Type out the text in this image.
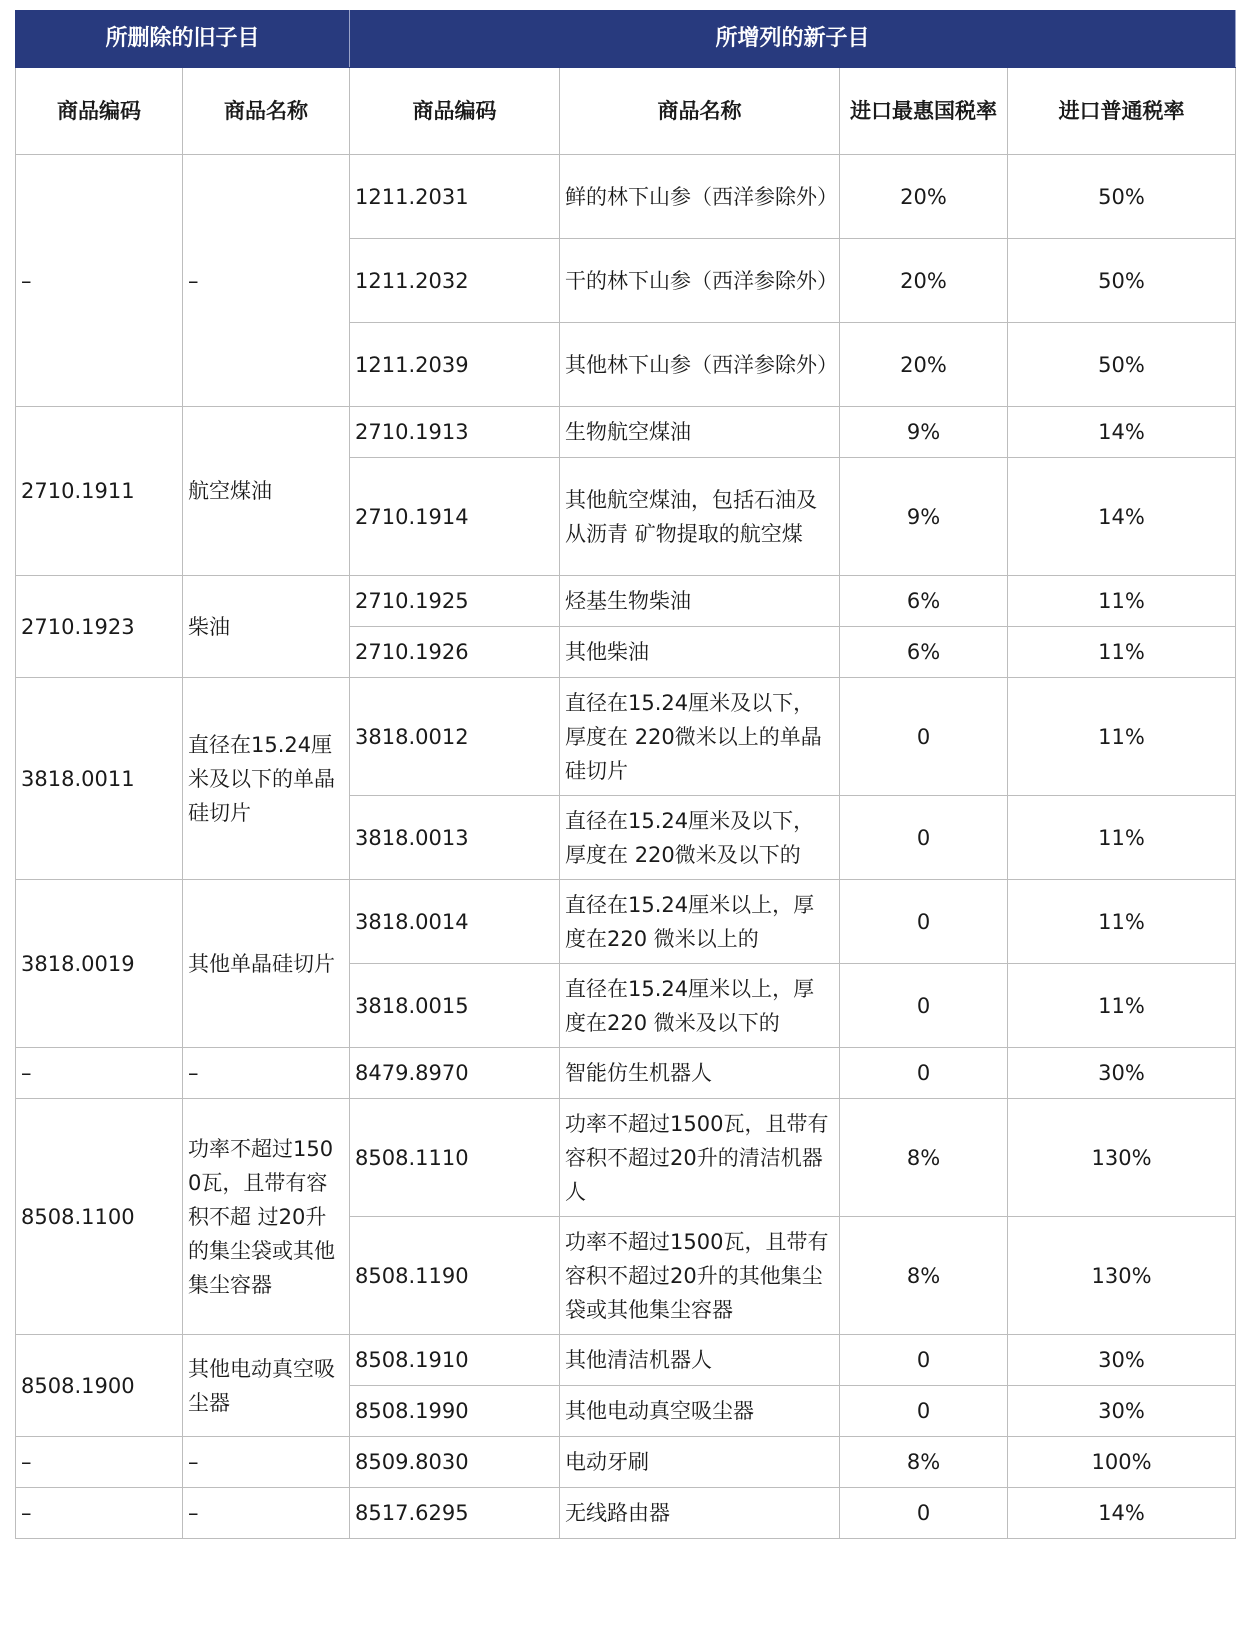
所删除的旧子目		所增列的新子目			
商品编码	商品名称	商品编码	商品名称	进口最惠国税率	进口普通税率
–	–	1211.2031	鲜的林下山参（西洋参除外）	20%	50%
		1211.2032	干的林下山参（西洋参除外）	20%	50%
		1211.2039	其他林下山参（西洋参除外）	20%	50%
2710.1911	航空煤油	2710.1913	生物航空煤油	9%	14%
		2710.1914	其他航空煤油，包括石油及从沥青 矿物提取的航空煤	9%	14%
2710.1923	柴油	2710.1925	烃基生物柴油	6%	11%
		2710.1926	其他柴油	6%	11%
3818.0011	直径在15.24厘米及以下的单晶硅切片	3818.0012	直径在15.24厘米及以下，厚度在 220微米以上的单晶硅切片	0	11%
		3818.0013	直径在15.24厘米及以下，厚度在 220微米及以下的	0	11%
3818.0019	其他单晶硅切片	3818.0014	直径在15.24厘米以上，厚度在220 微米以上的	0	11%
		3818.0015	直径在15.24厘米以上，厚度在220 微米及以下的	0	11%
–	–	8479.8970	智能仿生机器人	0	30%
8508.1100	功率不超过1500瓦，且带有容积不超 过20升的集尘袋或其他集尘容器	8508.1110	功率不超过1500瓦，且带有容积不超过20升的清洁机器人	8%	130%
		8508.1190	功率不超过1500瓦，且带有容积不超过20升的其他集尘袋或其他集尘容器	8%	130%
8508.1900	其他电动真空吸尘器	8508.1910	其他清洁机器人	0	30%
		8508.1990	其他电动真空吸尘器	0	30%
–	–	8509.8030	电动牙刷	8%	100%
–	–	8517.6295	无线路由器	0	14%
